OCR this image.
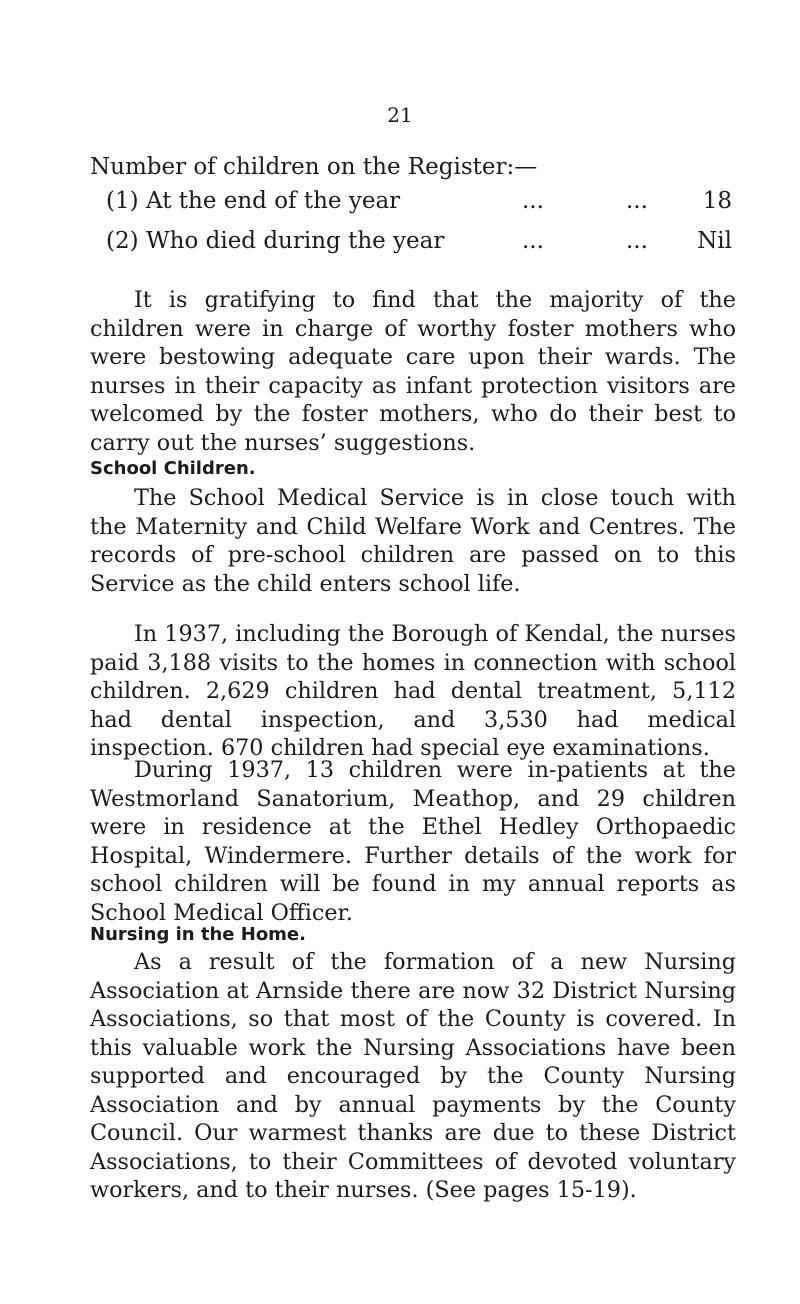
21

Number of children on the Register:—

(1) At the end of the year	...	... 18
(2) Who died during the year	...	... Nil

It is gratifying to find that the majority of the children were in charge of worthy foster mothers who were bestowing adequate care upon their wards. The nurses in their capacity as infant protection visitors are welcomed by the foster mothers, who do their best to carry out the nurses’ suggestions.

School Children.

The School Medical Service is in close touch with the Maternity and Child Welfare Work and Centres. The records of pre-school children are passed on to this Service as the child enters school life.

In 1937, including the Borough of Kendal, the nurses paid 3,188 visits to the homes in connection with school children. 2,629 children had dental treatment, 5,112 had dental inspection, and 3,530 had medical inspection. 670 children had special eye examinations.

During 1937, 13 children were in-patients at the Westmorland Sanatorium, Meathop, and 29 children were in residence at the Ethel Hedley Orthopaedic Hospital, Windermere. Further details of the work for school children will be found in my annual reports as School Medical Officer.

Nursing in the Home.

As a result of the formation of a new Nursing Association at Arnside there are now 32 District Nursing Associations, so that most of the County is covered. In this valuable work the Nursing Associations have been supported and encouraged by the County Nursing Association and by annual payments by the County Council. Our warmest thanks are due to these District Associations, to their Committees of devoted voluntary workers, and to their nurses. (See pages 15-19).
